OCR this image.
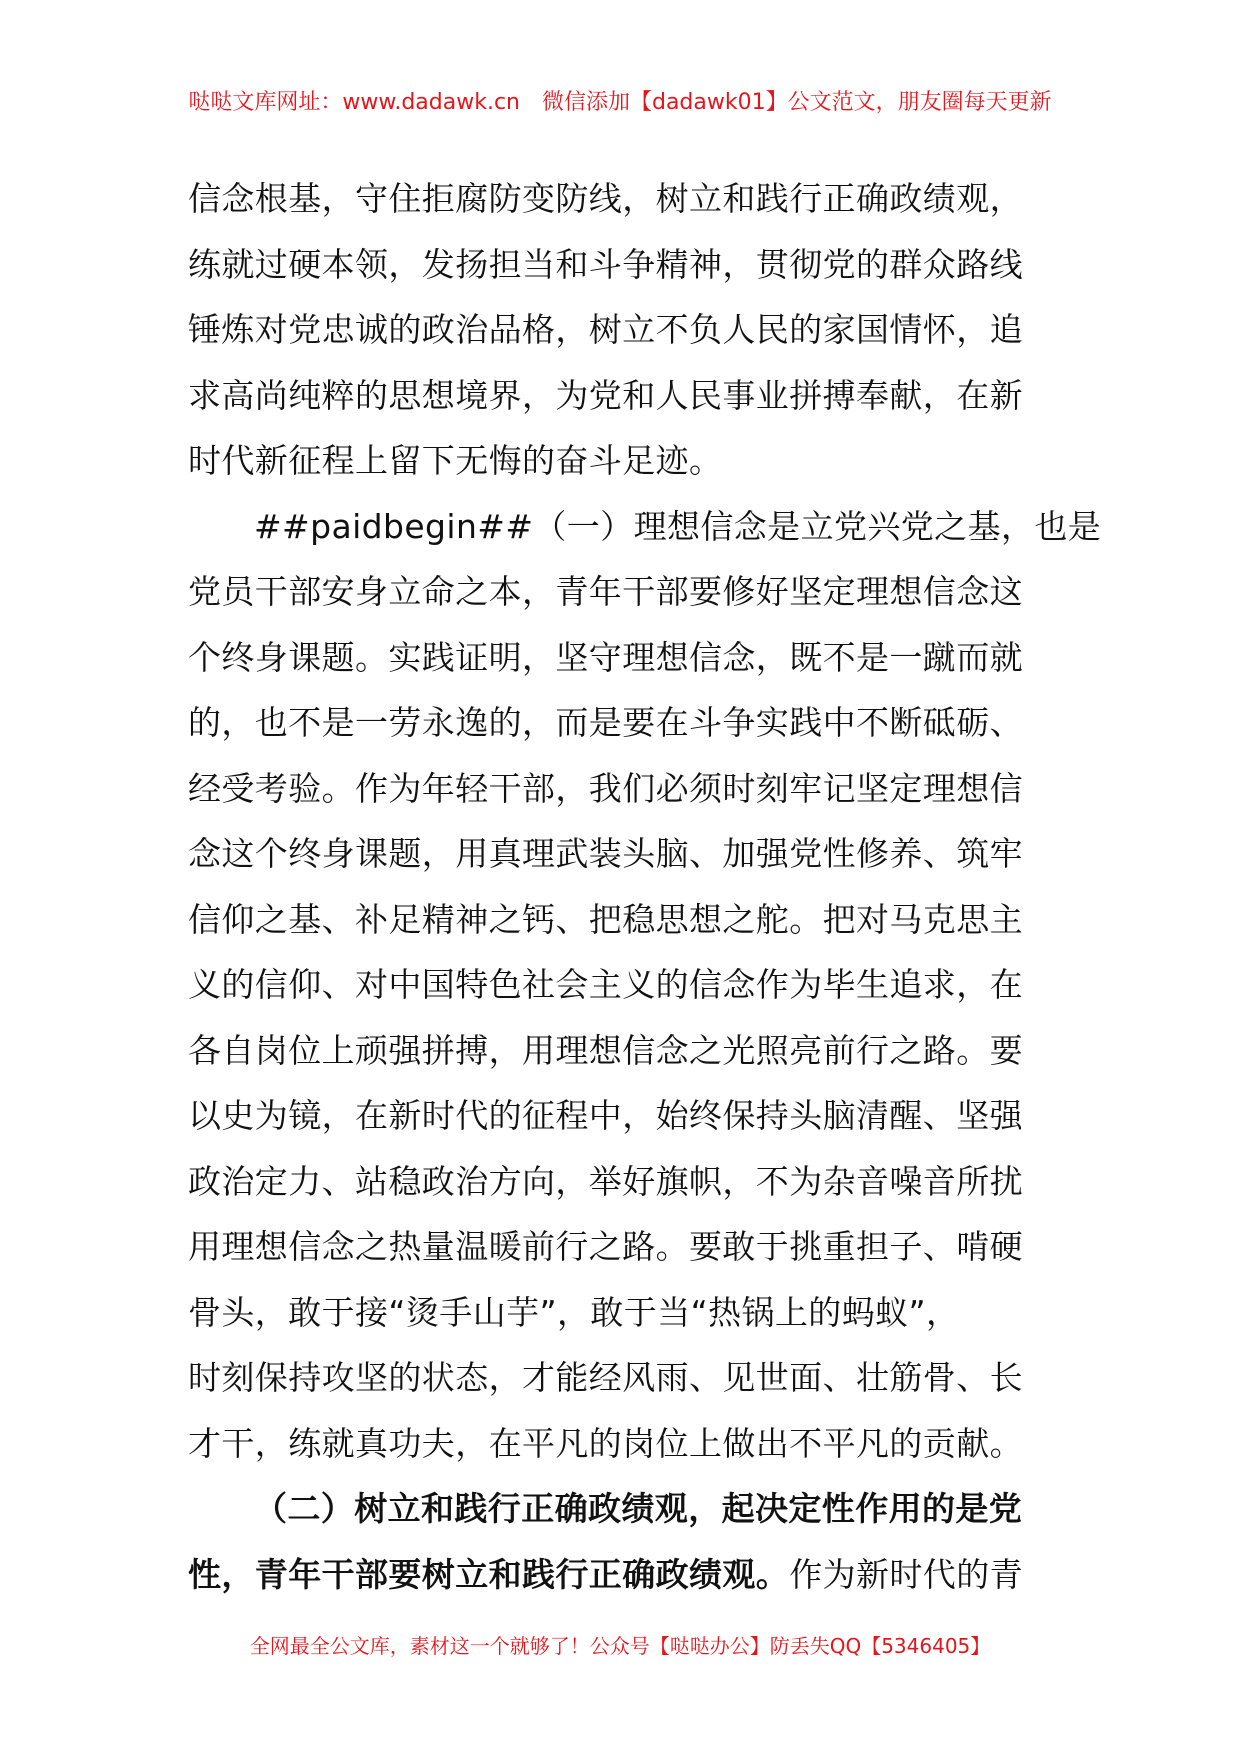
哒哒文库网址：www.dadawk.cn　微信添加【dadawk01】公文范文，朋友圈每天更新
信念根基，守住拒腐防变防线，树立和践行正确政绩观，
练就过硬本领，发扬担当和斗争精神，贯彻党的群众路线
锤炼对党忠诚的政治品格，树立不负人民的家国情怀，追
求高尚纯粹的思想境界，为党和人民事业拼搏奉献，在新
时代新征程上留下无悔的奋斗足迹。
##paidbegin##（一）理想信念是立党兴党之基，也是
党员干部安身立命之本，青年干部要修好坚定理想信念这
个终身课题。实践证明，坚守理想信念，既不是一蹴而就
的，也不是一劳永逸的，而是要在斗争实践中不断砥砺、
经受考验。作为年轻干部，我们必须时刻牢记坚定理想信
念这个终身课题，用真理武装头脑、加强党性修养、筑牢
信仰之基、补足精神之钙、把稳思想之舵。把对马克思主
义的信仰、对中国特色社会主义的信念作为毕生追求，在
各自岗位上顽强拼搏，用理想信念之光照亮前行之路。要
以史为镜，在新时代的征程中，始终保持头脑清醒、坚强
政治定力、站稳政治方向，举好旗帜，不为杂音噪音所扰
用理想信念之热量温暖前行之路。要敢于挑重担子、啃硬
骨头，敢于接“烫手山芋”，敢于当“热锅上的蚂蚁”，
时刻保持攻坚的状态，才能经风雨、见世面、壮筋骨、长
才干，练就真功夫，在平凡的岗位上做出不平凡的贡献。
（二）树立和践行正确政绩观，起决定性作用的是党
性，青年干部要树立和践行正确政绩观。作为新时代的青
全网最全公文库，素材这一个就够了！公众号【哒哒办公】防丢失QQ【5346405】
